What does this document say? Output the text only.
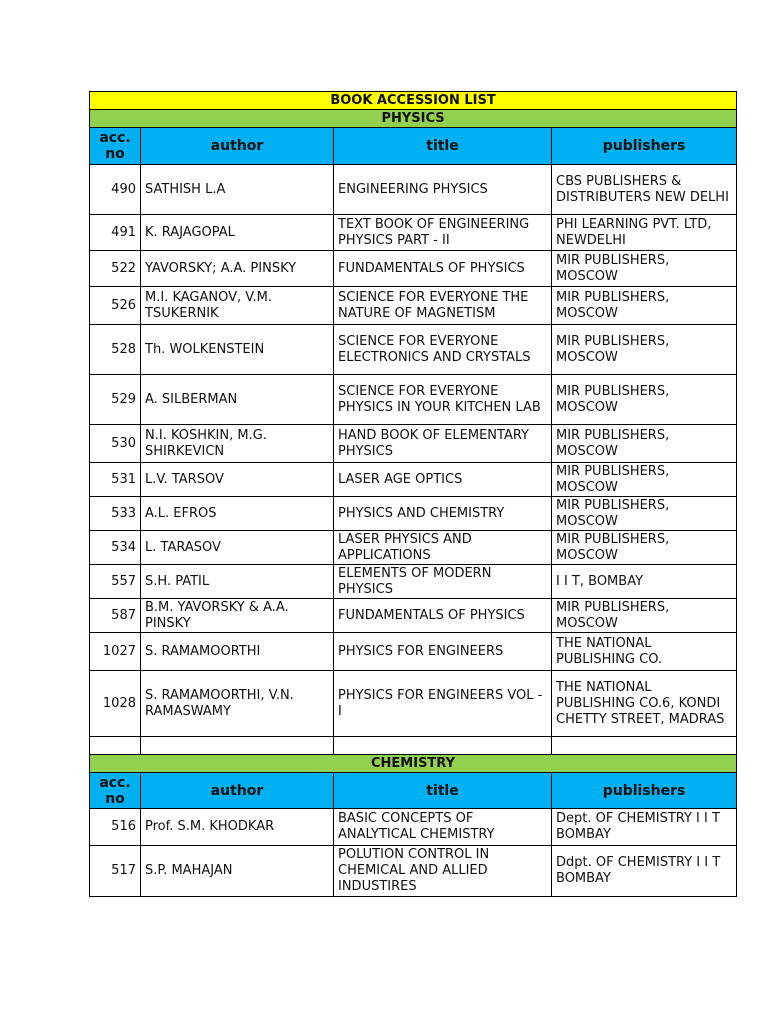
BOOK ACCESSION LIST			
PHYSICS			
acc. no	author	title	publishers
490	SATHISH L.A	ENGINEERING PHYSICS	CBS PUBLISHERS & DISTRIBUTERS NEW DELHI
491	K. RAJAGOPAL	TEXT BOOK OF ENGINEERING PHYSICS PART - II	PHI LEARNING PVT. LTD, NEWDELHI
522	YAVORSKY; A.A. PINSKY	FUNDAMENTALS OF PHYSICS	MIR PUBLISHERS, MOSCOW
526	M.I. KAGANOV, V.M. TSUKERNIK	SCIENCE FOR EVERYONE THE NATURE OF MAGNETISM	MIR PUBLISHERS, MOSCOW
528	Th. WOLKENSTEIN	SCIENCE FOR EVERYONE ELECTRONICS AND CRYSTALS	MIR PUBLISHERS, MOSCOW
529	A. SILBERMAN	SCIENCE FOR EVERYONE PHYSICS IN YOUR KITCHEN LAB	MIR PUBLISHERS, MOSCOW
530	N.I. KOSHKIN, M.G. SHIRKEVICN	HAND BOOK OF ELEMENTARY PHYSICS	MIR PUBLISHERS, MOSCOW
531	L.V. TARSOV	LASER AGE OPTICS	MIR PUBLISHERS, MOSCOW
533	A.L. EFROS	PHYSICS AND CHEMISTRY	MIR PUBLISHERS, MOSCOW
534	L. TARASOV	LASER PHYSICS AND APPLICATIONS	MIR PUBLISHERS, MOSCOW
557	S.H. PATIL	ELEMENTS OF MODERN PHYSICS	I I T, BOMBAY
587	B.M. YAVORSKY & A.A. PINSKY	FUNDAMENTALS OF PHYSICS	MIR PUBLISHERS, MOSCOW
1027	S. RAMAMOORTHI	PHYSICS FOR ENGINEERS	THE NATIONAL PUBLISHING CO.
1028	S. RAMAMOORTHI, V.N. RAMASWAMY	PHYSICS FOR ENGINEERS VOL - I	THE NATIONAL PUBLISHING CO.6, KONDI CHETTY STREET, MADRAS

CHEMISTRY			
acc. no	author	title	publishers
516	Prof. S.M. KHODKAR	BASIC CONCEPTS OF ANALYTICAL CHEMISTRY	Dept. OF CHEMISTRY I I T BOMBAY
517	S.P. MAHAJAN	POLUTION CONTROL IN CHEMICAL AND ALLIED INDUSTIRES	Ddpt. OF CHEMISTRY I I T BOMBAY
